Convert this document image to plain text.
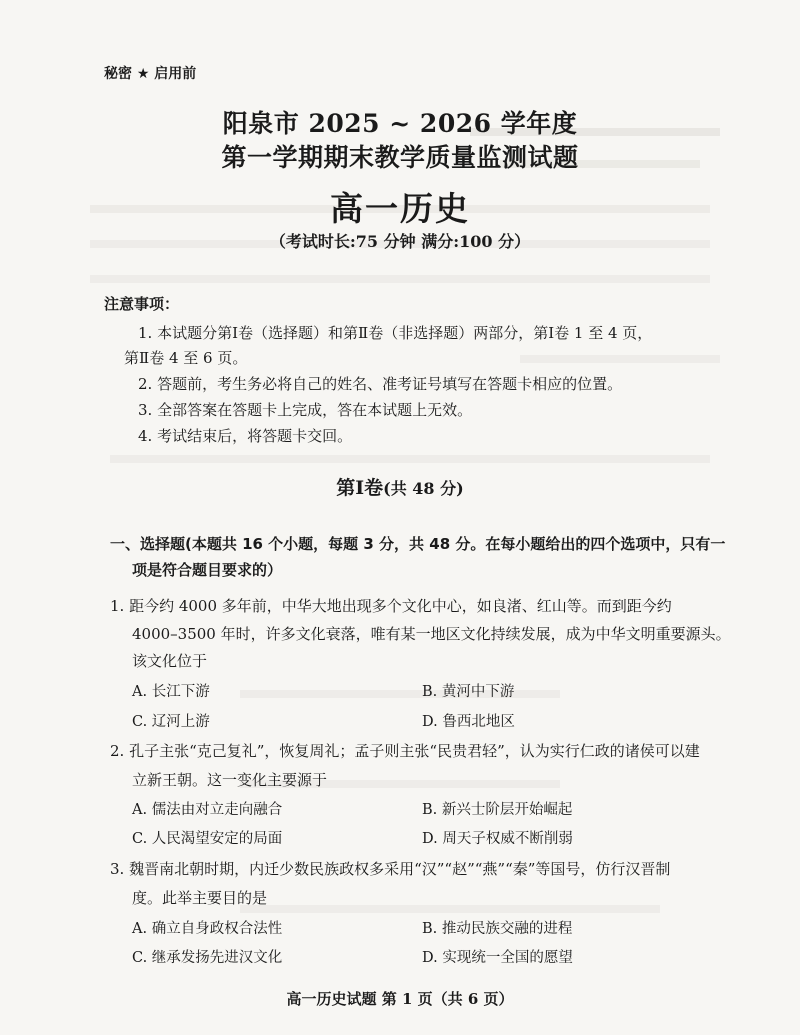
秘密 ★ 启用前
阳泉市 2025 ~ 2026 学年度
第一学期期末教学质量监测试题
高一历史
（考试时长:75 分钟 满分:100 分）
注意事项：
1. 本试题分第Ⅰ卷（选择题）和第Ⅱ卷（非选择题）两部分，第Ⅰ卷 1 至 4 页，
第Ⅱ卷 4 至 6 页。
2. 答题前，考生务必将自己的姓名、准考证号填写在答题卡相应的位置。
3. 全部答案在答题卡上完成，答在本试题上无效。
4. 考试结束后，将答题卡交回。
第Ⅰ卷(共 48 分)
一、选择题(本题共 16 个小题，每题 3 分，共 48 分。在每小题给出的四个选项中，只有一
项是符合题目要求的）
1. 距今约 4000 多年前，中华大地出现多个文化中心，如良渚、红山等。而到距今约
4000–3500 年时，许多文化衰落，唯有某一地区文化持续发展，成为中华文明重要源头。
该文化位于
A. 长江下游	B. 黄河中下游
C. 辽河上游	D. 鲁西北地区
2. 孔子主张“克己复礼”，恢复周礼；孟子则主张“民贵君轻”，认为实行仁政的诸侯可以建
立新王朝。这一变化主要源于
A. 儒法由对立走向融合	B. 新兴士阶层开始崛起
C. 人民渴望安定的局面	D. 周天子权威不断削弱
3. 魏晋南北朝时期，内迁少数民族政权多采用“汉”“赵”“燕”“秦”等国号，仿行汉晋制
度。此举主要目的是
A. 确立自身政权合法性	B. 推动民族交融的进程
C. 继承发扬先进汉文化	D. 实现统一全国的愿望
高一历史试题 第 1 页（共 6 页）
